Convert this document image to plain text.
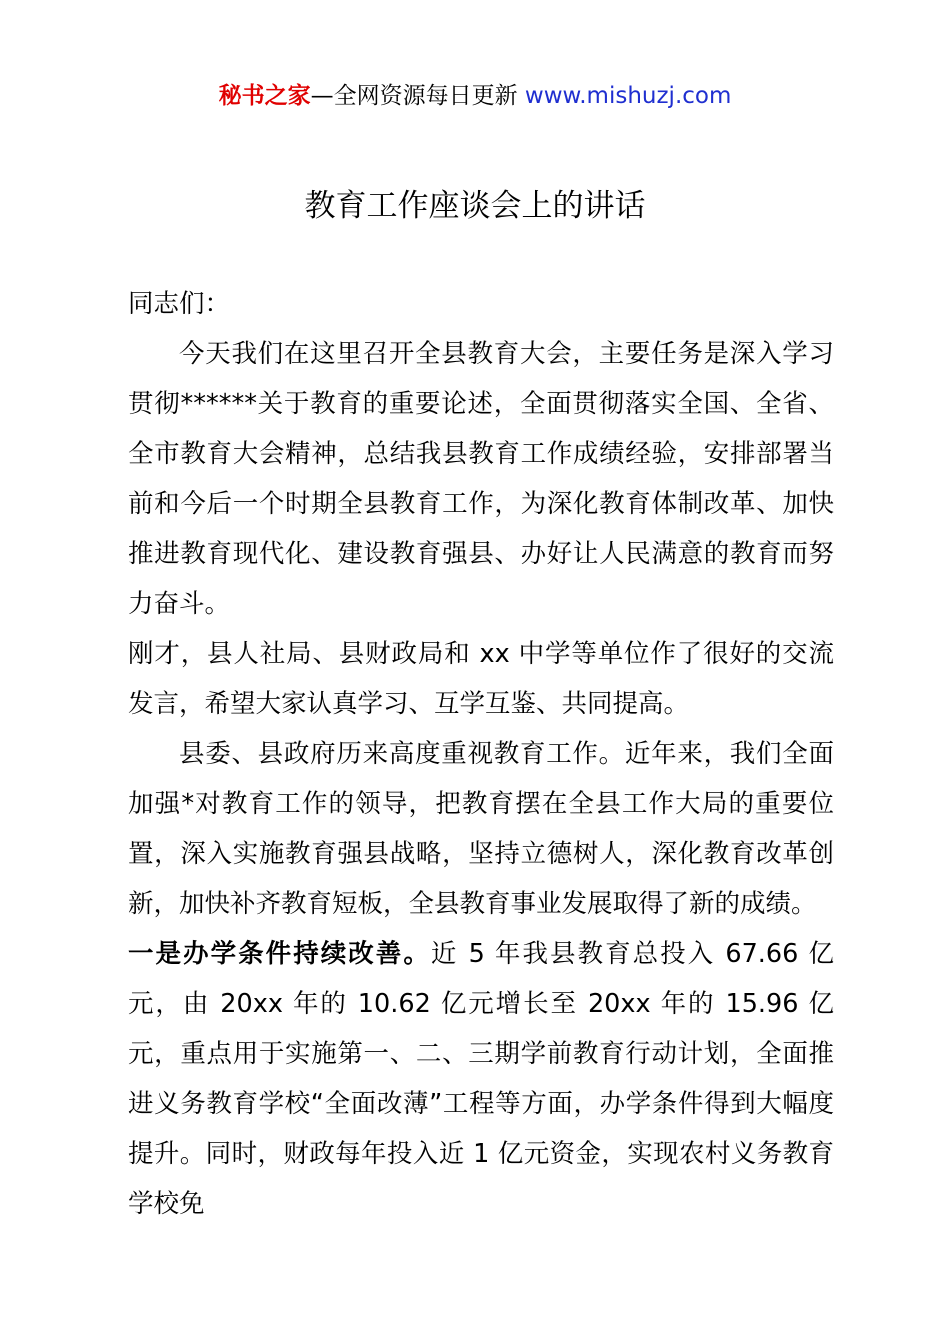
秘书之家—全网资源每日更新 www.mishuzj.com
教育工作座谈会上的讲话

同志们：

今天我们在这里召开全县教育大会，主要任务是深入学习贯彻******关于教育的重要论述，全面贯彻落实全国、全省、全市教育大会精神，总结我县教育工作成绩经验，安排部署当前和今后一个时期全县教育工作，为深化教育体制改革、加快推进教育现代化、建设教育强县、办好让人民满意的教育而努力奋斗。

刚才，县人社局、县财政局和 xx 中学等单位作了很好的交流发言，希望大家认真学习、互学互鉴、共同提高。

县委、县政府历来高度重视教育工作。近年来，我们全面加强*对教育工作的领导，把教育摆在全县工作大局的重要位置，深入实施教育强县战略，坚持立德树人，深化教育改革创新，加快补齐教育短板，全县教育事业发展取得了新的成绩。

一是办学条件持续改善。近 5 年我县教育总投入 67.66 亿元，由 20xx 年的 10.62 亿元增长至 20xx 年的 15.96 亿元，重点用于实施第一、二、三期学前教育行动计划，全面推进义务教育学校“全面改薄”工程等方面，办学条件得到大幅度提升。同时，财政每年投入近 1 亿元资金，实现农村义务教育学校免
